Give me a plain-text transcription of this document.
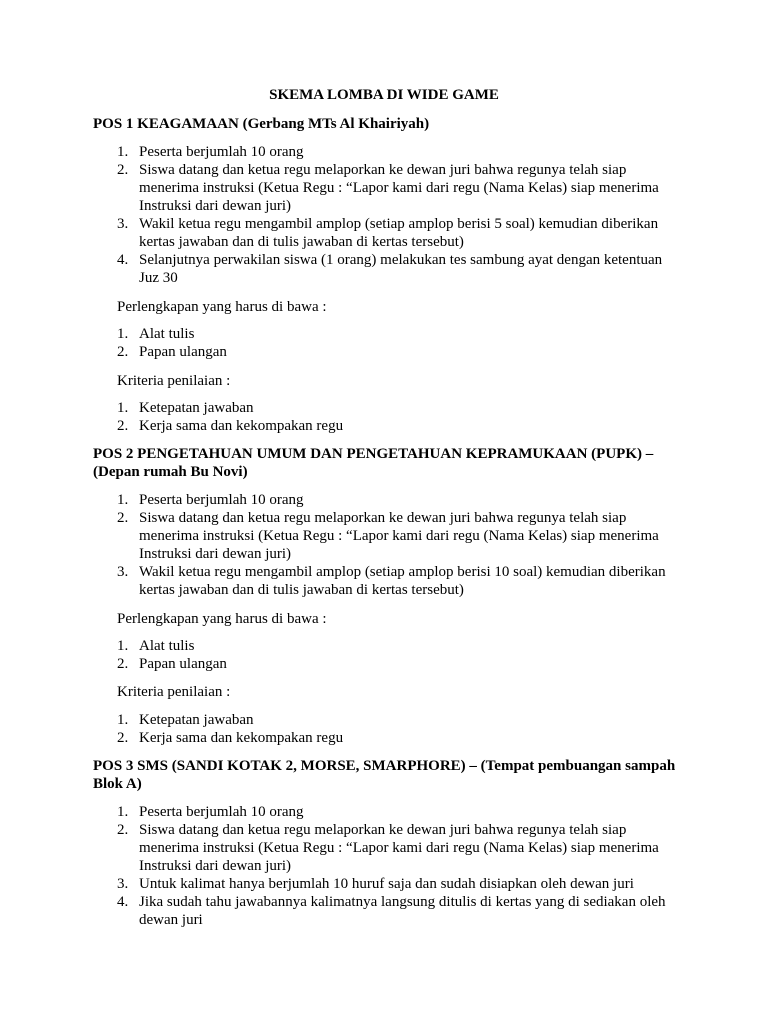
SKEMA LOMBA DI WIDE GAME
POS 1 KEAGAMAAN (Gerbang MTs Al Khairiyah)
1. Peserta berjumlah 10 orang
2. Siswa datang dan ketua regu melaporkan ke dewan juri bahwa regunya telah siap menerima instruksi (Ketua Regu : “Lapor kami dari regu (Nama Kelas) siap menerima Instruksi dari dewan juri)
3. Wakil ketua regu mengambil amplop (setiap amplop berisi 5 soal) kemudian diberikan kertas jawaban dan di tulis jawaban di kertas tersebut)
4. Selanjutnya perwakilan siswa (1 orang) melakukan tes sambung ayat dengan ketentuan Juz 30
Perlengkapan yang harus di bawa :
1. Alat tulis
2. Papan ulangan
Kriteria penilaian :
1. Ketepatan jawaban
2. Kerja sama dan kekompakan regu
POS 2 PENGETAHUAN UMUM DAN PENGETAHUAN KEPRAMUKAAN (PUPK) – (Depan rumah Bu Novi)
1. Peserta berjumlah 10 orang
2. Siswa datang dan ketua regu melaporkan ke dewan juri bahwa regunya telah siap menerima instruksi (Ketua Regu : “Lapor kami dari regu (Nama Kelas) siap menerima Instruksi dari dewan juri)
3. Wakil ketua regu mengambil amplop (setiap amplop berisi 10 soal) kemudian diberikan kertas jawaban dan di tulis jawaban di kertas tersebut)
Perlengkapan yang harus di bawa :
1. Alat tulis
2. Papan ulangan
Kriteria penilaian :
1. Ketepatan jawaban
2. Kerja sama dan kekompakan regu
POS 3 SMS (SANDI KOTAK 2, MORSE, SMARPHORE) – (Tempat pembuangan sampah Blok A)
1. Peserta berjumlah 10 orang
2. Siswa datang dan ketua regu melaporkan ke dewan juri bahwa regunya telah siap menerima instruksi (Ketua Regu : “Lapor kami dari regu (Nama Kelas) siap menerima Instruksi dari dewan juri)
3. Untuk kalimat hanya berjumlah 10 huruf saja dan sudah disiapkan oleh dewan juri
4. Jika sudah tahu jawabannya kalimatnya langsung ditulis di kertas yang di sediakan oleh dewan juri
